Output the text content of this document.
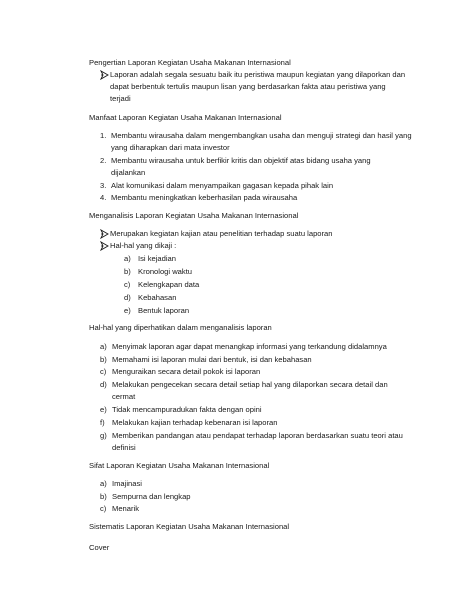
Pengertian Laporan Kegiatan Usaha Makanan Internasional
Laporan adalah segala sesuatu baik itu peristiwa maupun kegiatan yang dilaporkan dan
dapat berbentuk tertulis maupun lisan yang berdasarkan fakta atau peristiwa yang
terjadi
Manfaat Laporan Kegiatan Usaha Makanan Internasional
1. Membantu wirausaha dalam mengembangkan usaha dan menguji strategi dan hasil yang
yang diharapkan dari mata investor
2. Membantu wirausaha untuk berfikir kritis dan objektif atas bidang usaha yang
dijalankan
3. Alat komunikasi dalam menyampaikan gagasan kepada pihak lain
4. Membantu meningkatkan keberhasilan pada wirausaha
Menganalisis Laporan Kegiatan Usaha Makanan Internasional
Merupakan kegiatan kajian atau penelitian terhadap suatu laporan
Hal-hal yang dikaji :
a) Isi kejadian
b) Kronologi waktu
c) Kelengkapan data
d) Kebahasan
e) Bentuk laporan
Hal-hal yang diperhatikan dalam menganalisis laporan
a) Menyimak laporan agar dapat menangkap informasi yang terkandung didalamnya
b) Memahami isi laporan mulai dari bentuk, isi dan kebahasan
c) Menguraikan secara detail pokok isi laporan
d) Melakukan pengecekan secara detail setiap hal yang dilaporkan secara detail dan
cermat
e) Tidak mencampuradukan fakta dengan opini
f) Melakukan kajian terhadap kebenaran isi laporan
g) Memberikan pandangan atau pendapat terhadap laporan berdasarkan suatu teori atau
definisi
Sifat Laporan Kegiatan Usaha Makanan Internasional
a) Imajinasi
b) Sempurna dan lengkap
c) Menarik
Sistematis Laporan Kegiatan Usaha Makanan Internasional
Cover
